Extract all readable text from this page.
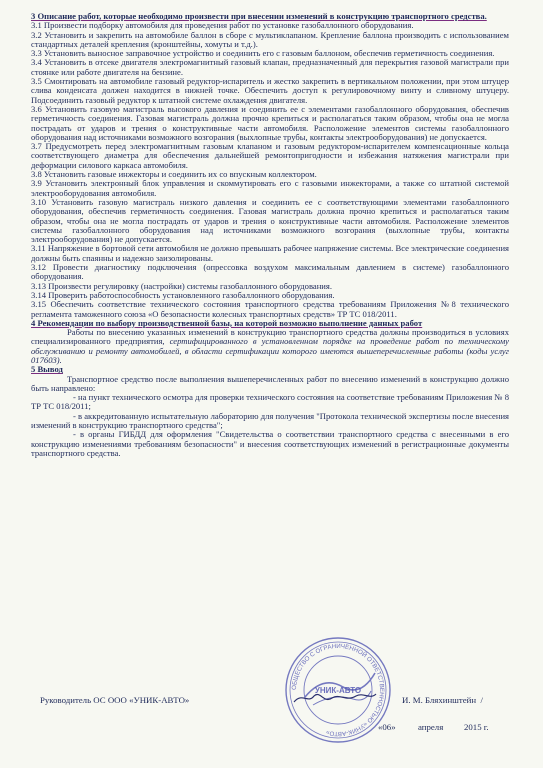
3 Описание работ, которые необходимо произвести при внесении изменений в конструкцию транспортного средства.

3.1 Произвести подборку автомобиля для проведения работ по установке газобаллонного оборудования.

3.2 Установить и закрепить на автомобиле баллон в сборе с мультиклапаном. Крепление баллона производить с использованием стандартных деталей крепления (кронштейны, хомуты и т.д.).

3.3 Установить выносное заправочное устройство и соединить его с газовым баллоном, обеспечив герметичность соединения.

3.4 Установить в отсеке двигателя электромагнитный газовый клапан, предназначенный для перекрытия газовой магистрали при стоянке или работе двигателя на бензине.

3.5 Смонтировать на автомобиле газовый редуктор-испаритель и жестко закрепить в вертикальном положении, при этом штуцер слива конденсата должен находится в нижней точке. Обеспечить доступ к регулировочному винту и сливному штуцеру. Подсоединить газовый редуктор к штатной системе охлаждения двигателя.

3.6 Установить газовую магистраль высокого давления и соединить ее с элементами газобаллонного оборудования, обеспечив герметичность соединения. Газовая магистраль должна прочно крепиться и располагаться таким образом, чтобы она не могла пострадать от ударов и трения о конструктивные части автомобиля. Расположение элементов системы газобаллонного оборудования над источниками возможного возгорания (выхлопные трубы, контакты электрооборудования) не допускается.

3.7 Предусмотреть перед электромагнитным газовым клапаном и газовым редуктором-испарителем компенсационные кольца соответствующего диаметра для обеспечения дальнейшей ремонтопригодности и избежания натяжения магистрали при деформации силового каркаса автомобиля.

3.8 Установить газовые инжекторы и соединить их со впускным коллектором.

3.9 Установить электронный блок управления и скоммутировать его с газовыми инжекторами, а также со штатной системой электрооборудования автомобиля.

3.10 Установить газовую магистраль низкого давления и соединить ее с соответствующими элементами газобаллонного оборудования, обеспечив герметичность соединения. Газовая магистраль должна прочно крепиться и располагаться таким образом, чтобы она не могла пострадать от ударов и трения о конструктивные части автомобиля. Расположение элементов системы газобаллонного оборудования над источниками возможного возгорания (выхлопные трубы, контакты электрооборудования) не допускается.

3.11 Напряжение в бортовой сети автомобиля не должно превышать рабочее напряжение системы. Все электрические соединения должны быть спаянны и надежно заизолированы.

3.12 Провести диагностику подключения (опрессовка воздухом максимальным давлением в системе) газобаллонного оборудования.

3.13 Произвести регулировку (настройки) системы газобаллонного оборудования.

3.14 Проверить работоспособность установленного газобаллонного оборудования.

3.15 Обеспечить соответствие технического состояния транспортного средства требованиям Приложения №8 технического регламента таможенного союза «О безопасности колесных транспортных средств» ТР ТС 018/2011.

4 Рекомендации по выбору производственной базы, на которой возможно выполнение данных работ

Работы по внесению указанных изменений в конструкцию транспортного средства должны производиться в условиях специализированного предприятия, сертифицированного в установленном порядке на проведение работ по техническому обслуживанию и ремонту автомобилей, в области сертификации которого имеются вышеперечисленные работы (коды услуг 017603).

5 Вывод

Транспортное средство после выполнения вышеперечисленных работ по внесению изменений в конструкцию должно быть направлено:

- на пункт технического осмотра для проверки технического состояния на соответствие требованиям Приложения № 8 ТР ТС 018/2011;

- в аккредитованную испытательную лабораторию для получения "Протокола технической экспертизы после внесения изменений в конструкцию транспортного средства";

- в органы ГИБДД для оформления "Свидетельства о соответствии транспортного средства с внесенными в его конструкцию изменениями требованиям безопасности" и внесения соответствующих изменений в регистрационные документы транспортного средства.

ОБЩЕСТВО С ОГРАНИЧЕННОЙ ОТВЕТСТВЕННОСТЬЮ «УНИК-АВТО»
УНИК-АВТО
Руководитель ОС ООО «УНИК-АВТО»	И. М. Бляхинштейн /
«06»	апреля 2015 г.
